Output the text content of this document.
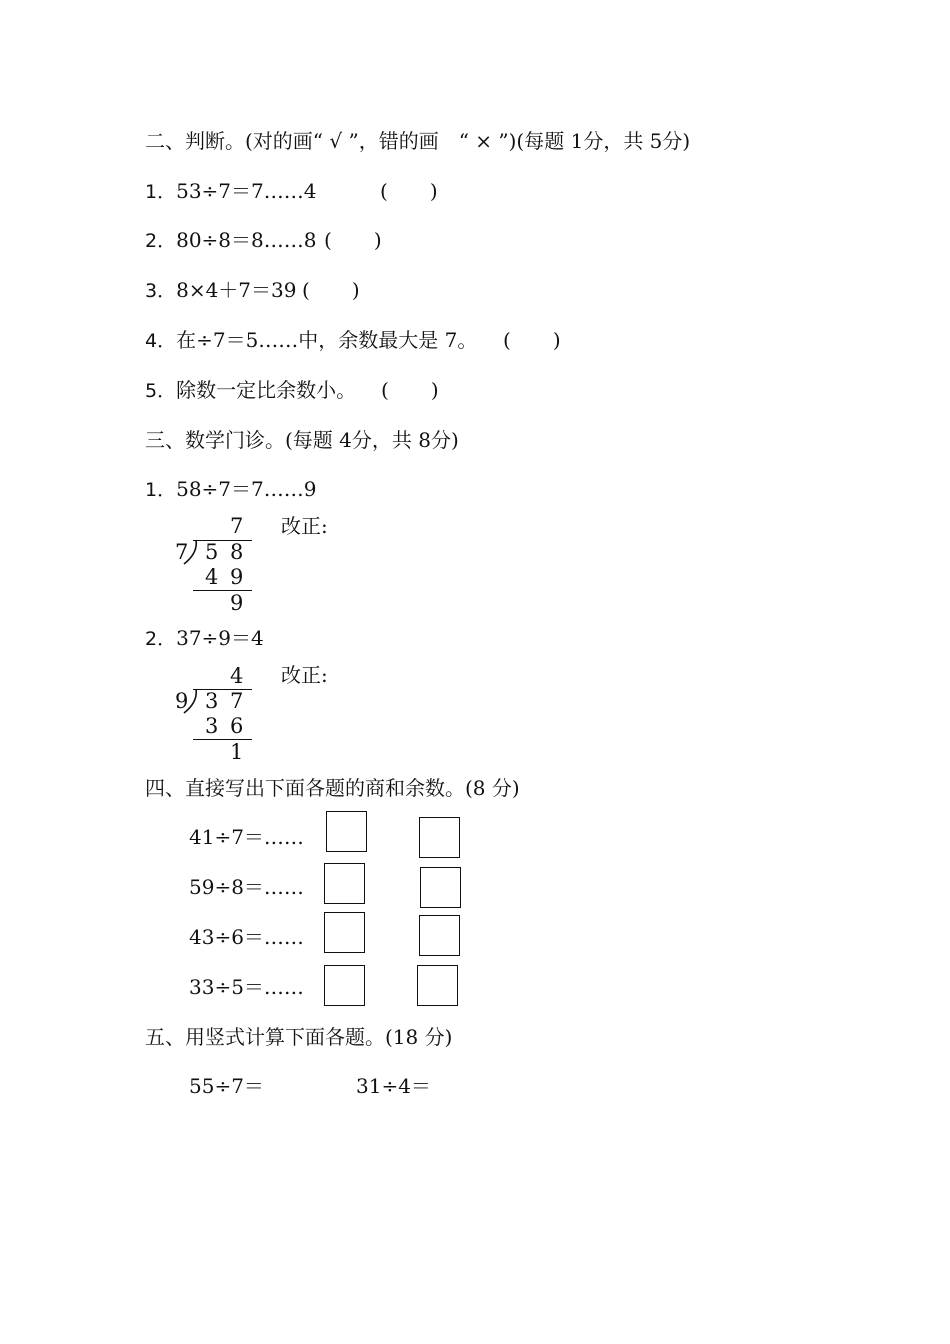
二、判断。(对的画“ √ ”，错的画　“ × ”)(每题 1分，共 5分)
1．53÷7＝7……4	( )
2．80÷8＝8……8 ( )
3．8×4＋7＝39 ( )
4．在÷7＝5……中，余数最大是 7。 ( )
5．除数一定比余数小。 ( )
三、数学门诊。(每题 4分，共 8分)
1．58÷7＝7……9
7
7 5 8
4 9
9
改正:
2．37÷9＝4
4
9 3 7
3 6
1
改正:
四、直接写出下面各题的商和余数。(8 分)
41÷7＝……
59÷8＝……
43÷6＝……
33÷5＝……
五、用竖式计算下面各题。(18 分)
55÷7＝	31÷4＝
